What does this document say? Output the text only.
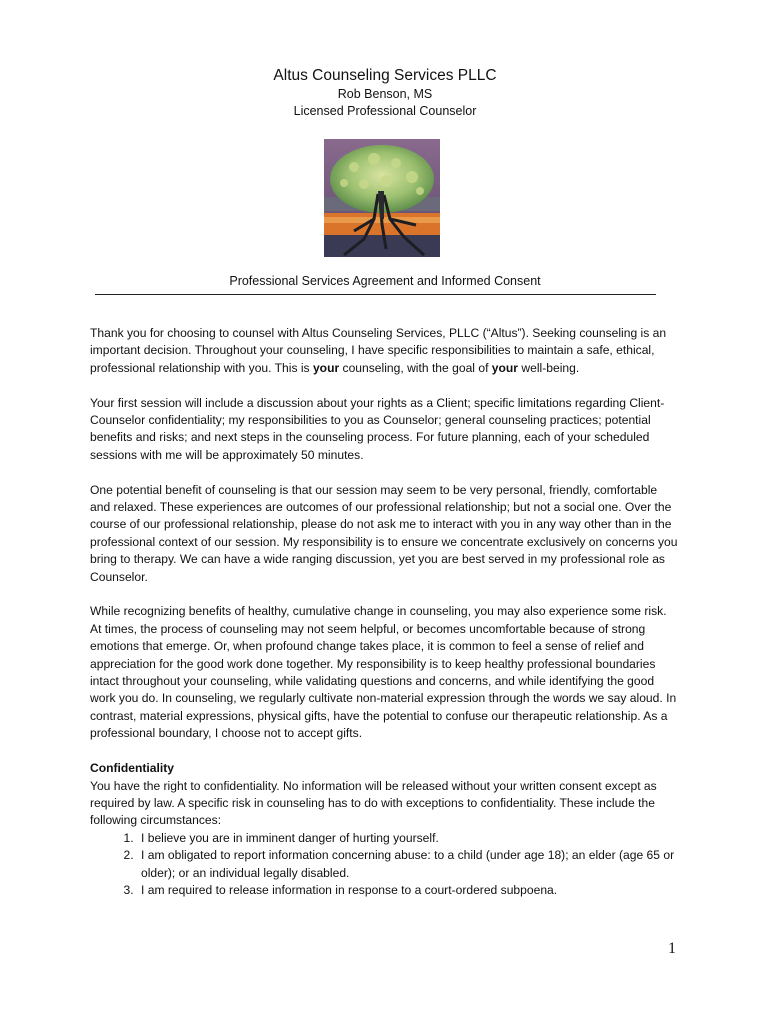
Altus Counseling Services PLLC
Rob Benson, MS
Licensed Professional Counselor
Professional Services Agreement and Informed Consent

Thank you for choosing to counsel with Altus Counseling Services, PLLC (“Altus”). Seeking counseling is an important decision. Throughout your counseling, I have specific responsibilities to maintain a safe, ethical, professional relationship with you. This is your counseling, with the goal of your well-being.

Your first session will include a discussion about your rights as a Client; specific limitations regarding Client-Counselor confidentiality; my responsibilities to you as Counselor; general counseling practices; potential benefits and risks; and next steps in the counseling process. For future planning, each of your scheduled sessions with me will be approximately 50 minutes.

One potential benefit of counseling is that our session may seem to be very personal, friendly, comfortable and relaxed. These experiences are outcomes of our professional relationship; but not a social one. Over the course of our professional relationship, please do not ask me to interact with you in any way other than in the professional context of our session. My responsibility is to ensure we concentrate exclusively on concerns you bring to therapy. We can have a wide ranging discussion, yet you are best served in my professional role as Counselor.

While recognizing benefits of healthy, cumulative change in counseling, you may also experience some risk. At times, the process of counseling may not seem helpful, or becomes uncomfortable because of strong emotions that emerge. Or, when profound change takes place, it is common to feel a sense of relief and appreciation for the good work done together. My responsibility is to keep healthy professional boundaries intact throughout your counseling, while validating questions and concerns, and while identifying the good work you do. In counseling, we regularly cultivate non-material expression through the words we say aloud. In contrast, material expressions, physical gifts, have the potential to confuse our therapeutic relationship. As a professional boundary, I choose not to accept gifts.

Confidentiality
You have the right to confidentiality. No information will be released without your written consent except as required by law. A specific risk in counseling has to do with exceptions to confidentiality. These include the following circumstances:
1. I believe you are in imminent danger of hurting yourself.
2. I am obligated to report information concerning abuse: to a child (under age 18); an elder (age 65 or older); or an individual legally disabled.
3. I am required to release information in response to a court-ordered subpoena.
1
